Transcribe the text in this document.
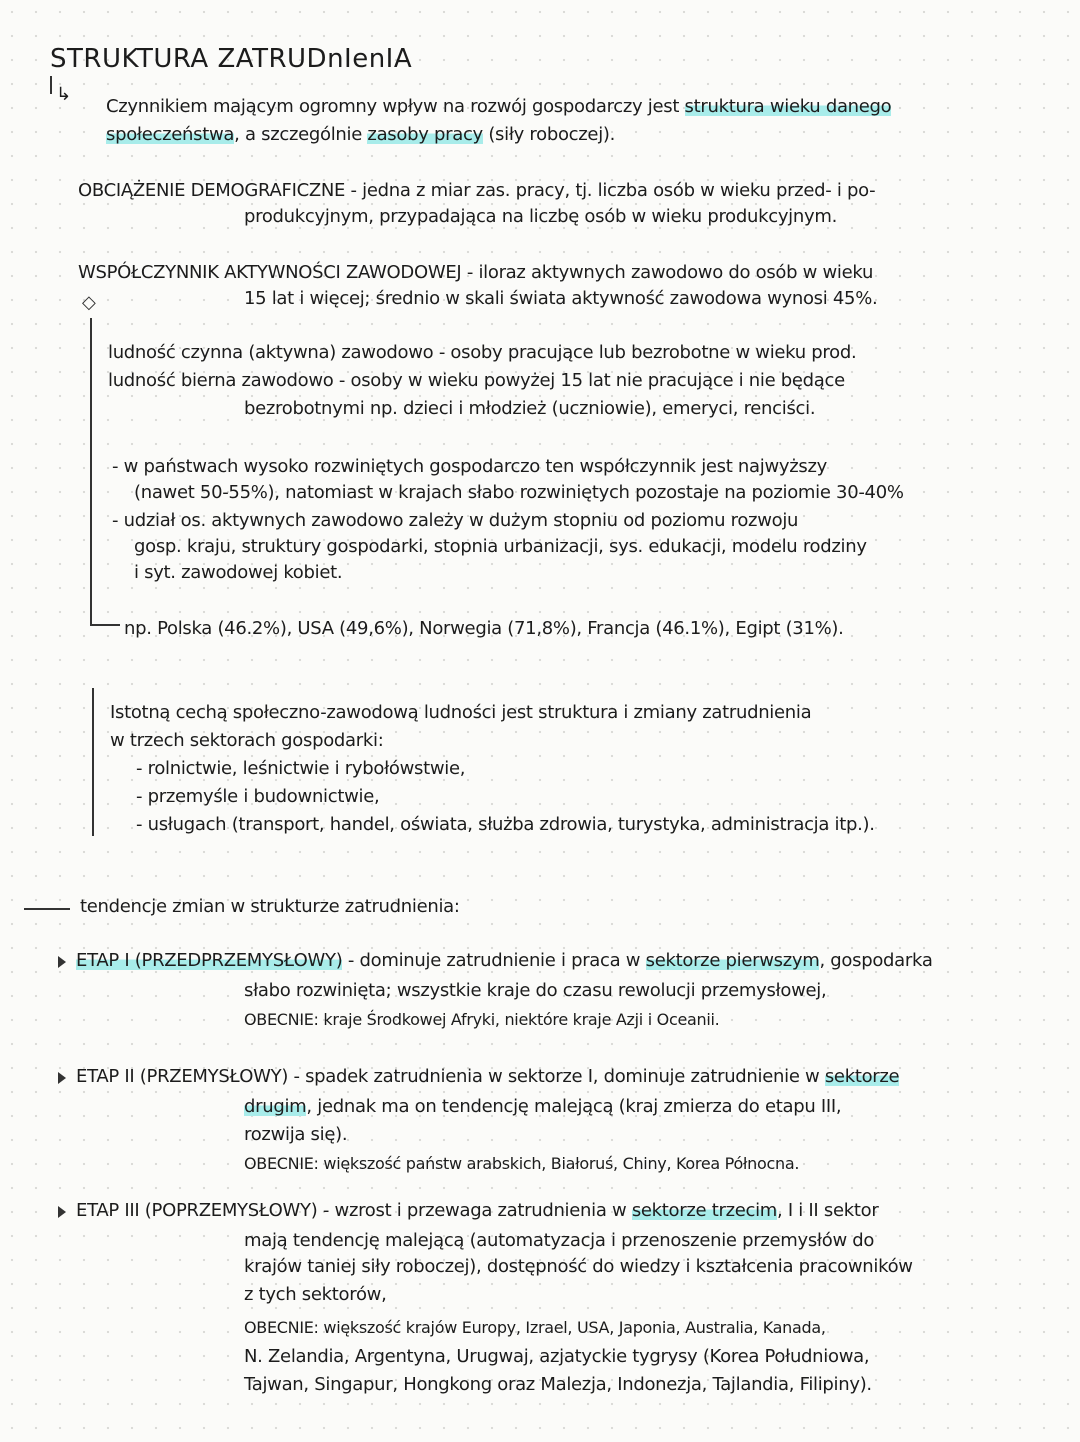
STRUKTURA ZATRUDnIenIA
↳
Czynnikiem mającym ogromny wpływ na rozwój gospodarczy jest struktura wieku danego
społeczeństwa, a szczególnie zasoby pracy (siły roboczej).
OBCIĄŻENIE DEMOGRAFICZNE - jedna z miar zas. pracy, tj. liczba osób w wieku przed- i po-
produkcyjnym, przypadająca na liczbę osób w wieku produkcyjnym.
WSPÓŁCZYNNIK AKTYWNOŚCI ZAWODOWEJ - iloraz aktywnych zawodowo do osób w wieku
◇	15 lat i więcej; średnio w skali świata aktywność zawodowa wynosi 45%.
ludność czynna (aktywna) zawodowo - osoby pracujące lub bezrobotne w wieku prod.
ludność bierna zawodowo - osoby w wieku powyżej 15 lat nie pracujące i nie będące
bezrobotnymi np. dzieci i młodzież (uczniowie), emeryci, renciści.
- w państwach wysoko rozwiniętych gospodarczo ten współczynnik jest najwyższy
(nawet 50-55%), natomiast w krajach słabo rozwiniętych pozostaje na poziomie 30-40%
- udział os. aktywnych zawodowo zależy w dużym stopniu od poziomu rozwoju
gosp. kraju, struktury gospodarki, stopnia urbanizacji, sys. edukacji, modelu rodziny
i syt. zawodowej kobiet.
np. Polska (46.2%), USA (49,6%), Norwegia (71,8%), Francja (46.1%), Egipt (31%).
Istotną cechą społeczno-zawodową ludności jest struktura i zmiany zatrudnienia
w trzech sektorach gospodarki:
- rolnictwie, leśnictwie i rybołówstwie,
- przemyśle i budownictwie,
- usługach (transport, handel, oświata, służba zdrowia, turystyka, administracja itp.).
tendencje zmian w strukturze zatrudnienia:
ETAP I (PRZEDPRZEMYSŁOWY) - dominuje zatrudnienie i praca w sektorze pierwszym, gospodarka
słabo rozwinięta; wszystkie kraje do czasu rewolucji przemysłowej,
OBECNIE: kraje Środkowej Afryki, niektóre kraje Azji i Oceanii.
ETAP II (PRZEMYSŁOWY) - spadek zatrudnienia w sektorze I, dominuje zatrudnienie w sektorze
drugim, jednak ma on tendencję malejącą (kraj zmierza do etapu III,
rozwija się).
OBECNIE: większość państw arabskich, Białoruś, Chiny, Korea Północna.
ETAP III (POPRZEMYSŁOWY) - wzrost i przewaga zatrudnienia w sektorze trzecim, I i II sektor
mają tendencję malejącą (automatyzacja i przenoszenie przemysłów do
krajów taniej siły roboczej), dostępność do wiedzy i kształcenia pracowników
z tych sektorów,
OBECNIE: większość krajów Europy, Izrael, USA, Japonia, Australia, Kanada,
N. Zelandia, Argentyna, Urugwaj, azjatyckie tygrysy (Korea Południowa,
Tajwan, Singapur, Hongkong oraz Malezja, Indonezja, Tajlandia, Filipiny).
